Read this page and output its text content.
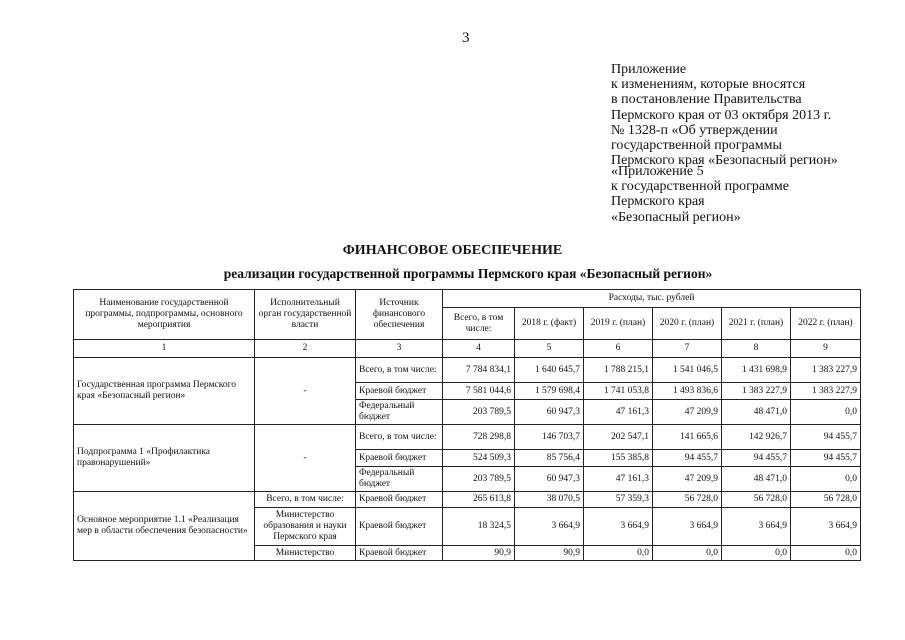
3
Приложение
к изменениям, которые вносятся
в постановление Правительства
Пермского края от 03 октября 2013 г.
№ 1328-п «Об утверждении
государственной программы
Пермского края «Безопасный регион»
«Приложение 5
к государственной программе
Пермского края
«Безопасный регион»
ФИНАНСОВОЕ ОБЕСПЕЧЕНИЕ
реализации государственной программы Пермского края «Безопасный регион»
Наименование государственной программы, подпрограммы, основного мероприятия	Исполнительный орган государственной власти	Источник финансового обеспечения	Расходы, тыс. рублей					
			Всего, в том числе:	2018 г. (факт)	2019 г. (план)	2020 г. (план)	2021 г. (план)	2022 г. (план)
1	2	3	4	5	6	7	8	9
Государственная программа Пермского края «Безопасный регион»	-	Всего, в том числе:	7 784 834,1	1 640 645,7	1 788 215,1	1 541 046,5	1 431 698,9	1 383 227,9
		Краевой бюджет	7 581 044,6	1 579 698,4	1 741 053,8	1 493 836,6	1 383 227,9	1 383 227,9
		Федеральный бюджет	203 789,5	60 947,3	47 161,3	47 209,9	48 471,0	0,0
Подпрограмма 1 «Профилактика правонарушений»	-	Всего, в том числе:	728 298,8	146 703,7	202 547,1	141 665,6	142 926,7	94 455,7
		Краевой бюджет	524 509,3	85 756,4	155 385,8	94 455,7	94 455,7	94 455,7
		Федеральный бюджет	203 789,5	60 947,3	47 161,3	47 209,9	48 471,0	0,0
Основное мероприятие 1.1 «Реализация мер в области обеспечения безопасности»	Всего, в том числе:	Краевой бюджет	265 613,8	38 070,5	57 359,3	56 728,0	56 728,0	56 728,0
	Министерство образования и науки Пермского края	Краевой бюджет	18 324,5	3 664,9	3 664,9	3 664,9	3 664,9	3 664,9
	Министерство	Краевой бюджет	90,9	90,9	0,0	0,0	0,0	0,0
